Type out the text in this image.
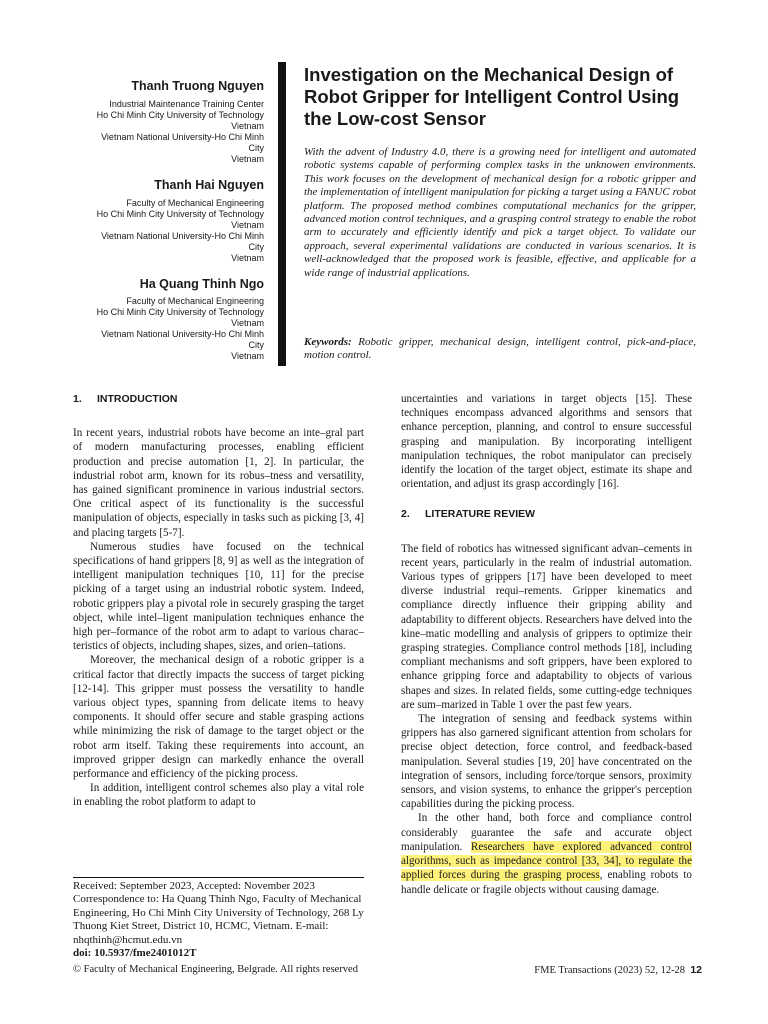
Thanh Truong Nguyen
Industrial Maintenance Training Center
Ho Chi Minh City University of Technology
Vietnam
Vietnam National University-Ho Chi Minh
City
Vietnam
Thanh Hai Nguyen
Faculty of Mechanical Engineering
Ho Chi Minh City University of Technology
Vietnam
Vietnam National University-Ho Chi Minh
City
Vietnam
Ha Quang Thinh Ngo
Faculty of Mechanical Engineering
Ho Chi Minh City University of Technology
Vietnam
Vietnam National University-Ho Chi Minh
City
Vietnam
Investigation on the Mechanical Design of Robot Gripper for Intelligent Control Using the Low-cost Sensor

With the advent of Industry 4.0, there is a growing need for intelligent and automated robotic systems capable of performing complex tasks in the unknowen environments. This work focuses on the development of mechanical design for a robotic gripper and the implementation of intelligent manipulation for picking a target using a FANUC robot platform. The proposed method combines computational mechanics for the gripper, advanced motion control techniques, and a grasping control strategy to enable the robot arm to accurately and efficiently identify and pick a target object. To validate our approach, several experimental validations are conducted in various scenarios. It is well-acknowledged that the proposed work is feasible, effective, and applicable for a wide range of industrial applications.

Keywords: Robotic gripper, mechanical design, intelligent control, pick-and-place, motion control.

1. INTRODUCTION

In recent years, industrial robots have become an inte–gral part of modern manufacturing processes, enabling efficient production and precise automation [1, 2]. In particular, the industrial robot arm, known for its robus–tness and versatility, has gained significant prominence in various industrial sectors. One critical aspect of its functionality is the successful manipulation of objects, especially in tasks such as picking [3, 4] and placing targets [5-7].

Numerous studies have focused on the technical specifications of hand grippers [8, 9] as well as the integration of intelligent manipulation techniques [10, 11] for the precise picking of a target using an industrial robotic system. Indeed, robotic grippers play a pivotal role in securely grasping the target object, while intel–ligent manipulation techniques enhance the high per–formance of the robot arm to adapt to various charac–teristics of objects, including shapes, sizes, and orien–tations.

Moreover, the mechanical design of a robotic gripper is a critical factor that directly impacts the success of target picking [12-14]. This gripper must possess the versatility to handle various object types, spanning from delicate items to heavy components. It should offer secure and stable grasping actions while minimizing the risk of damage to the target object or the robot arm itself. Taking these requirements into account, an improved gripper design can markedly enhance the overall performance and efficiency of the picking process.

In addition, intelligent control schemes also play a vital role in enabling the robot platform to adapt to

uncertainties and variations in target objects [15]. These techniques encompass advanced algorithms and sensors that enhance perception, planning, and control to ensure successful grasping and manipulation. By incorporating intelligent manipulation techniques, the robot manipulator can precisely identify the location of the target object, estimate its shape and orientation, and adjust its grasp accordingly [16].

2. LITERATURE REVIEW

The field of robotics has witnessed significant advan–cements in recent years, particularly in the realm of industrial automation. Various types of grippers [17] have been developed to meet diverse industrial requi–rements. Gripper kinematics and compliance directly influence their gripping ability and adaptability to different objects. Researchers have delved into the kine–matic modelling and analysis of grippers to optimize their grasping strategies. Compliance control methods [18], including compliant mechanisms and soft grippers, have been explored to enhance gripping force and adaptability to objects of various shapes and sizes. In related fields, some cutting-edge techniques are sum–marized in Table 1 over the past few years.

The integration of sensing and feedback systems within grippers has also garnered significant attention from scholars for precise object detection, force control, and feedback-based manipulation. Several studies [19, 20] have concentrated on the integration of sensors, including force/torque sensors, proximity sensors, and vision systems, to enhance the gripper's perception capabilities during the picking process.

In the other hand, both force and compliance control considerably guarantee the safe and accurate object manipulation. Researchers have explored advanced control algorithms, such as impedance control [33, 34], to regulate the applied forces during the grasping process, enabling robots to handle delicate or fragile objects without causing damage.

Received: September 2023, Accepted: November 2023
Correspondence to: Ha Quang Thinh Ngo, Faculty of Mechanical Engineering, Ho Chi Minh City University of Technology, 268 Ly Thuong Kiet Street, District 10, HCMC, Vietnam. E-mail: nhqthinh@hcmut.edu.vn
doi: 10.5937/fme2401012T
© Faculty of Mechanical Engineering, Belgrade. All rights reserved	FME Transactions (2023) 52, 12-28 12
